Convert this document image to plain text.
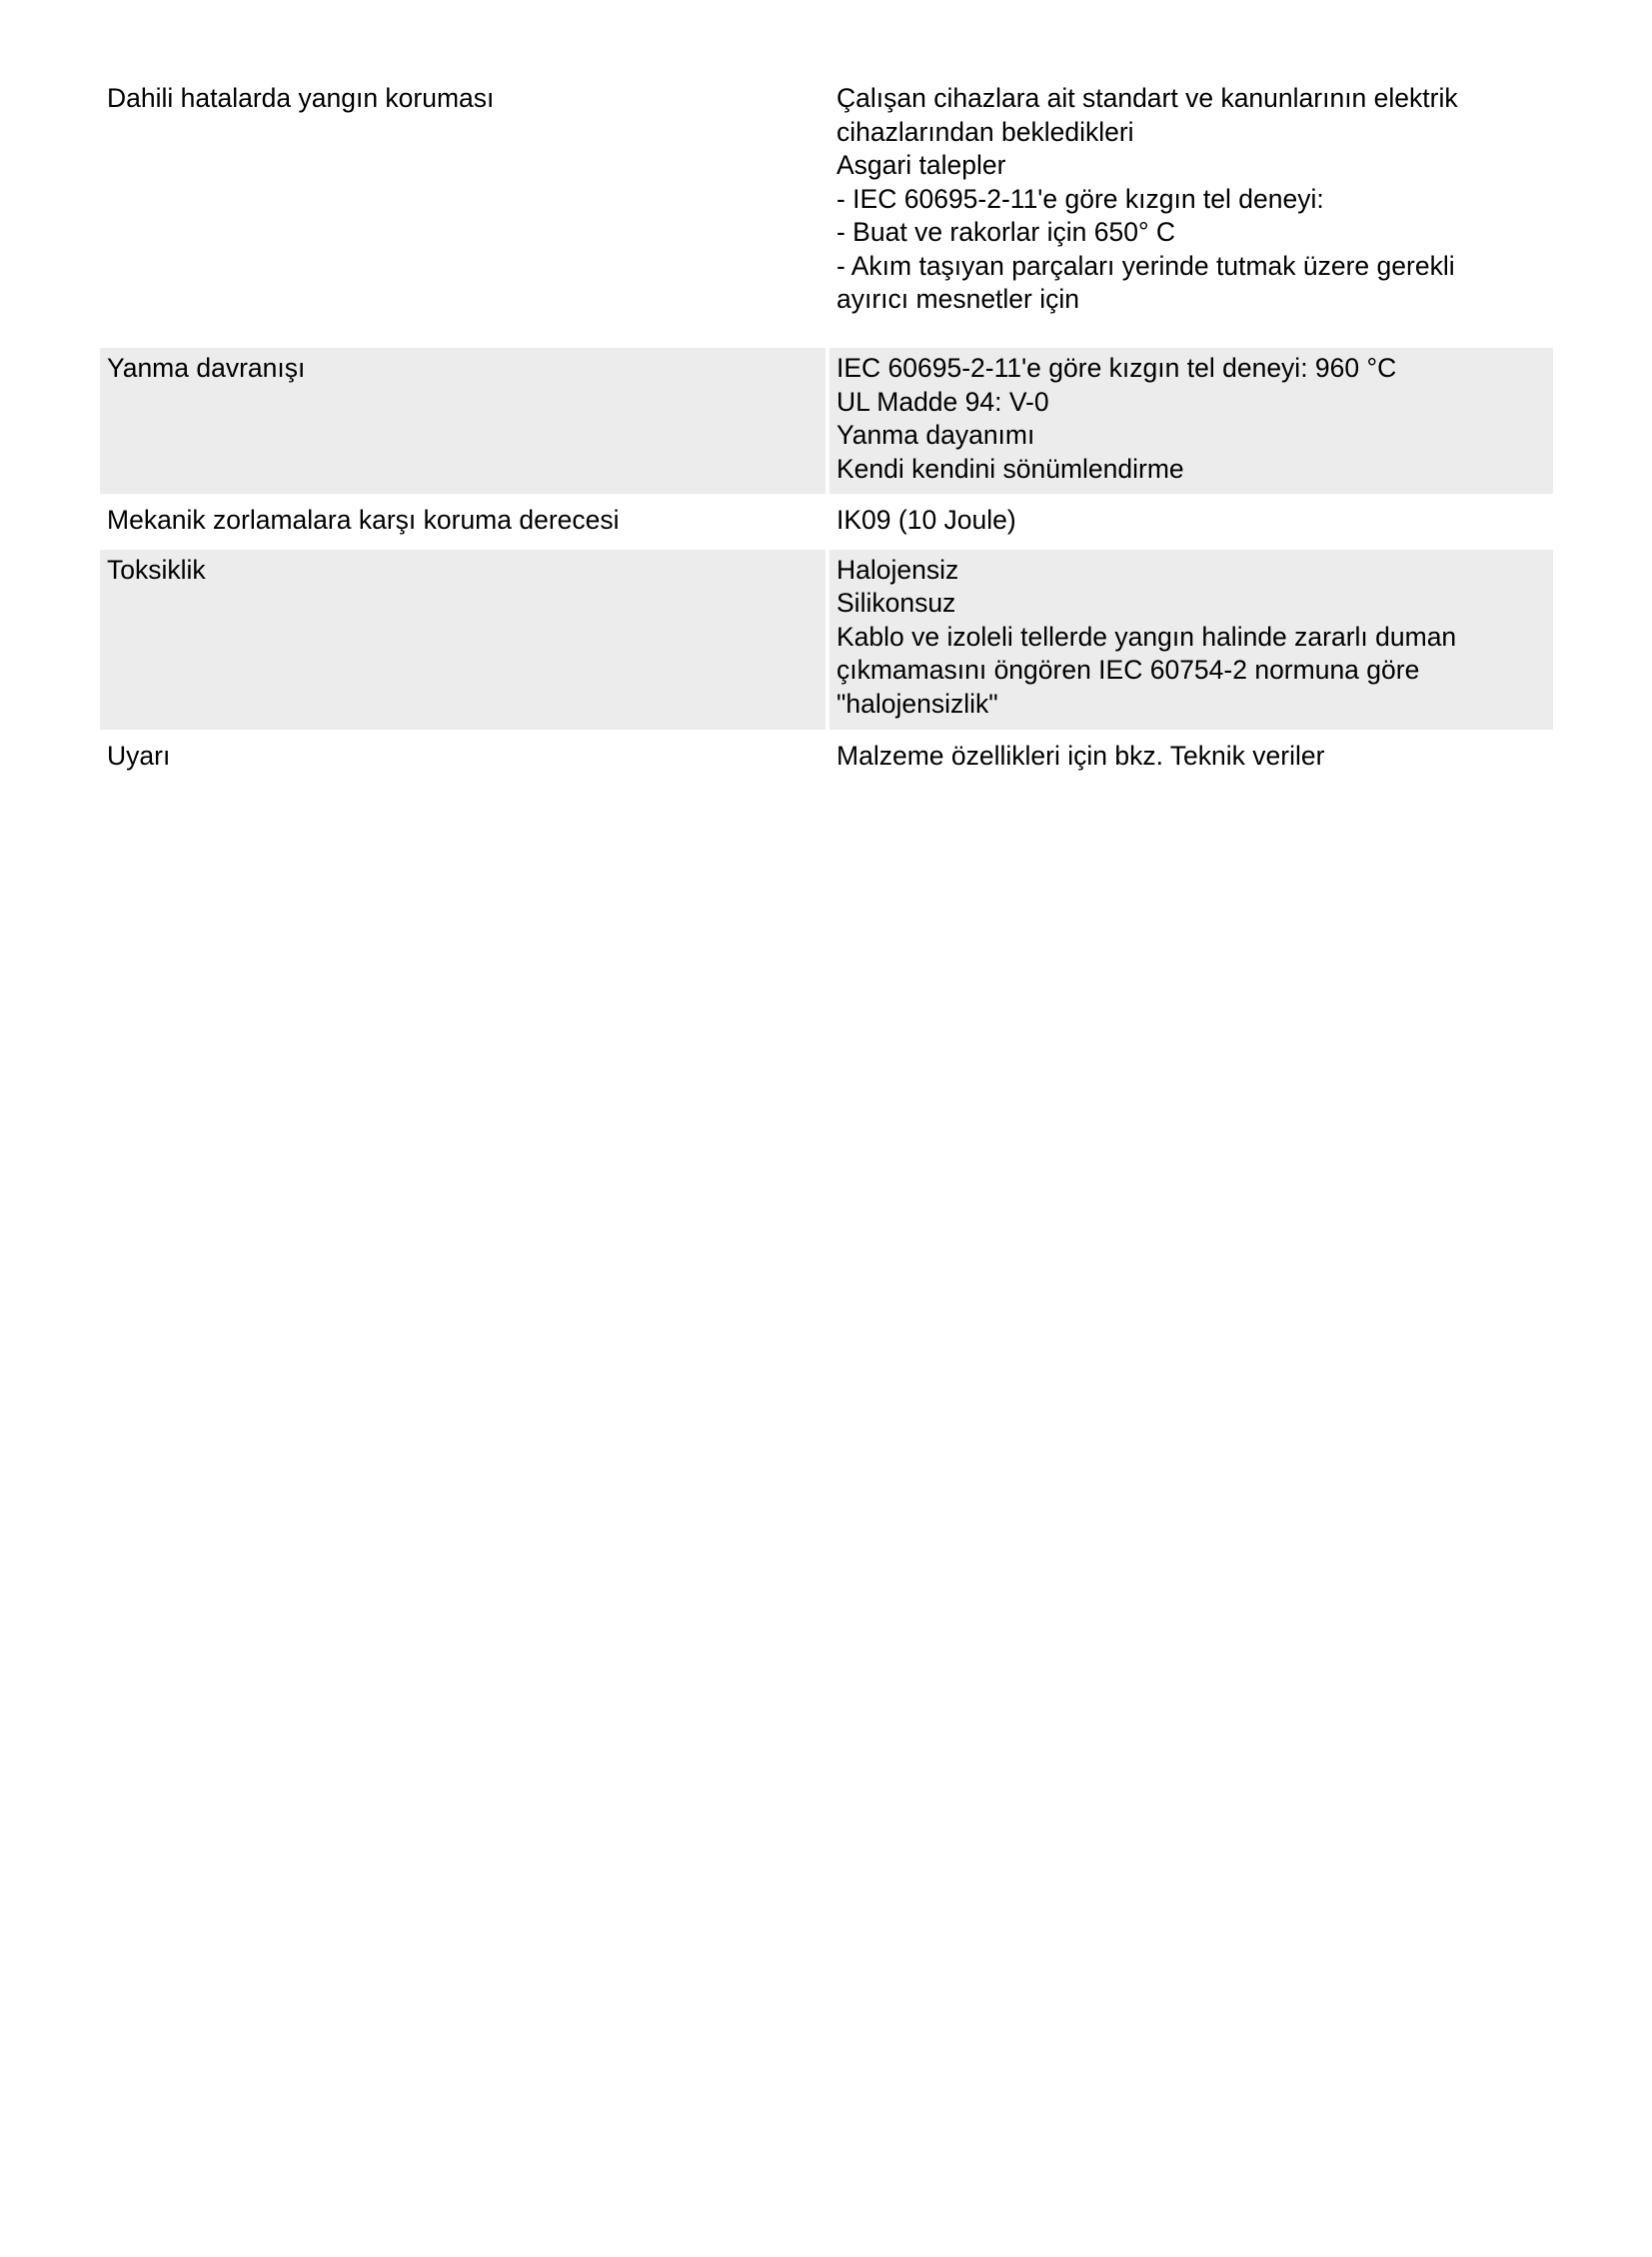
Dahili hatalarda yangın koruması	Çalışan cihazlara ait standart ve kanunlarının elektrik
cihazlarından bekledikleri
Asgari talepler
- IEC 60695-2-11'e göre kızgın tel deneyi:
- Buat ve rakorlar için 650° C
- Akım taşıyan parçaları yerinde tutmak üzere gerekli
ayırıcı mesnetler için
Yanma davranışı	IEC 60695-2-11'e göre kızgın tel deneyi: 960 °C
UL Madde 94: V-0
Yanma dayanımı
Kendi kendini sönümlendirme
Mekanik zorlamalara karşı koruma derecesi	IK09 (10 Joule)
Toksiklik	Halojensiz
Silikonsuz
Kablo ve izoleli tellerde yangın halinde zararlı duman
çıkmamasını öngören IEC 60754-2 normuna göre
"halojensizlik"
Uyarı	Malzeme özellikleri için bkz. Teknik veriler
